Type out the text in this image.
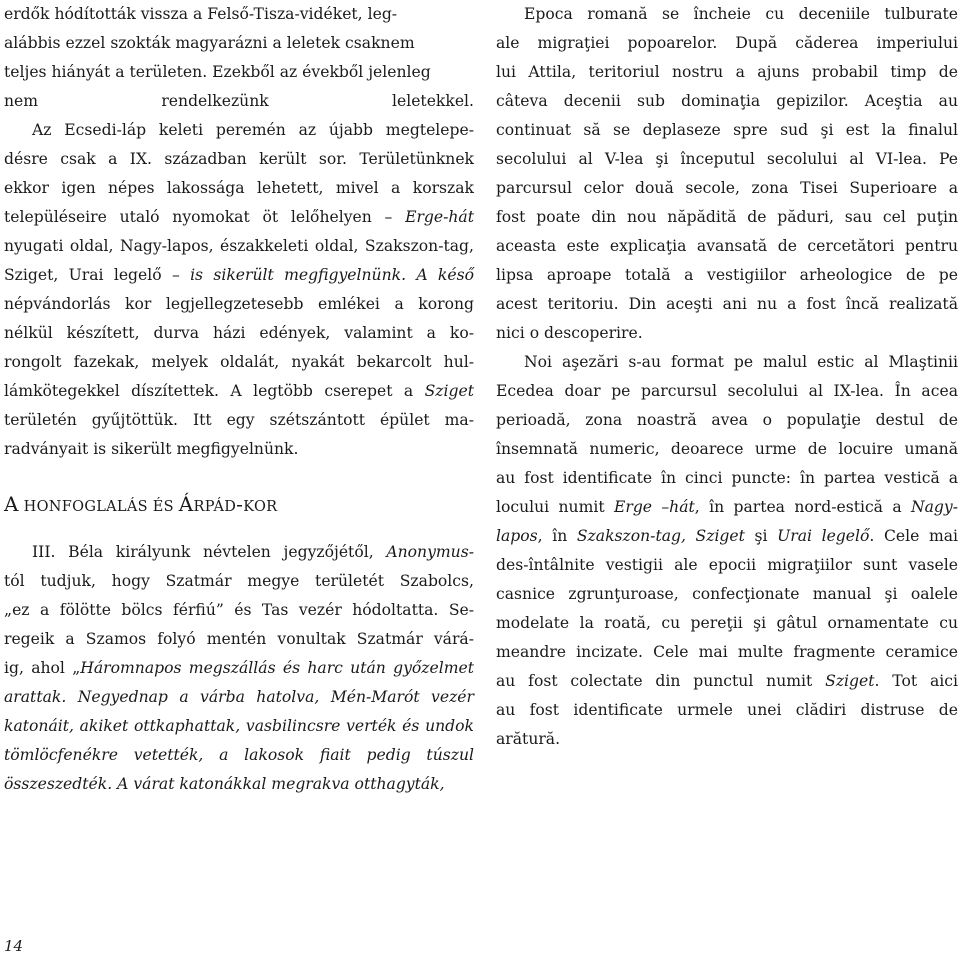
erdők hódították vissza a Felső-Tisza-vidéket, leg-
alábbis ezzel szokták magyarázni a leletek csaknem
teljes hiányát a területen. Ezekből az évekből jelenleg
nem rendelkezünk leletekkel.
Az Ecsedi-láp keleti peremén az újabb megtelepe-
désre csak a IX. században került sor. Területünknek
ekkor igen népes lakossága lehetett, mivel a korszak
településeire utaló nyomokat öt lelőhelyen – Erge-hát
nyugati oldal, Nagy-lapos, északkeleti oldal, Szakszon-tag,
Sziget, Urai legelő – is sikerült megfigyelnünk. A késő
népvándorlás kor legjellegzetesebb emlékei a korong
nélkül készített, durva házi edények, valamint a ko-
rongolt fazekak, melyek oldalát, nyakát bekarcolt hul-
lámkötegekkel díszítettek. A legtöbb cserepet a Sziget
területén gyűjtöttük. Itt egy szétszántott épület ma-
radványait is sikerült megfigyelnünk.
A HONFOGLALÁS ÉS ÁRPÁD-KOR
III. Béla királyunk névtelen jegyzőjétől, Anonymus-
tól tudjuk, hogy Szatmár megye területét Szabolcs,
„ez a fölötte bölcs férfiú” és Tas vezér hódoltatta. Se-
regeik a Szamos folyó mentén vonultak Szatmár várá-
ig, ahol „Háromnapos megszállás és harc után győzelmet
arattak. Negyednap a várba hatolva, Mén-Marót vezér
katonáit, akiket ottkaphattak, vasbilincsre verték és undok
tömlöcfenékre vetették, a lakosok fiait pedig túszul
összeszedték. A várat katonákkal megrakva otthagyták,
Epoca romană se încheie cu deceniile tulburate
ale migraţiei popoarelor. După căderea imperiului
lui Attila, teritoriul nostru a ajuns probabil timp de
câteva decenii sub dominaţia gepizilor. Aceştia au
continuat să se deplaseze spre sud şi est la finalul
secolului al V-lea şi începutul secolului al VI-lea. Pe
parcursul celor două secole, zona Tisei Superioare a
fost poate din nou năpădită de păduri, sau cel puţin
aceasta este explicaţia avansată de cercetători pentru
lipsa aproape totală a vestigiilor arheologice de pe
acest teritoriu. Din aceşti ani nu a fost încă realizată
nici o descoperire.
Noi aşezări s-au format pe malul estic al Mlaştinii
Ecedea doar pe parcursul secolului al IX-lea. În acea
perioadă, zona noastră avea o populaţie destul de
însemnată numeric, deoarece urme de locuire umană
au fost identificate în cinci puncte: în partea vestică a
locului numit Erge –hát, în partea nord-estică a Nagy-
lapos, în Szakszon-tag, Sziget şi Urai legelő. Cele mai
des-întâlnite vestigii ale epocii migraţiilor sunt vasele
casnice zgrunţuroase, confecţionate manual şi oalele
modelate la roată, cu pereţii şi gâtul ornamentate cu
meandre incizate. Cele mai multe fragmente ceramice
au fost colectate din punctul numit Sziget. Tot aici
au fost identificate urmele unei clădiri distruse de
arătură.
14
